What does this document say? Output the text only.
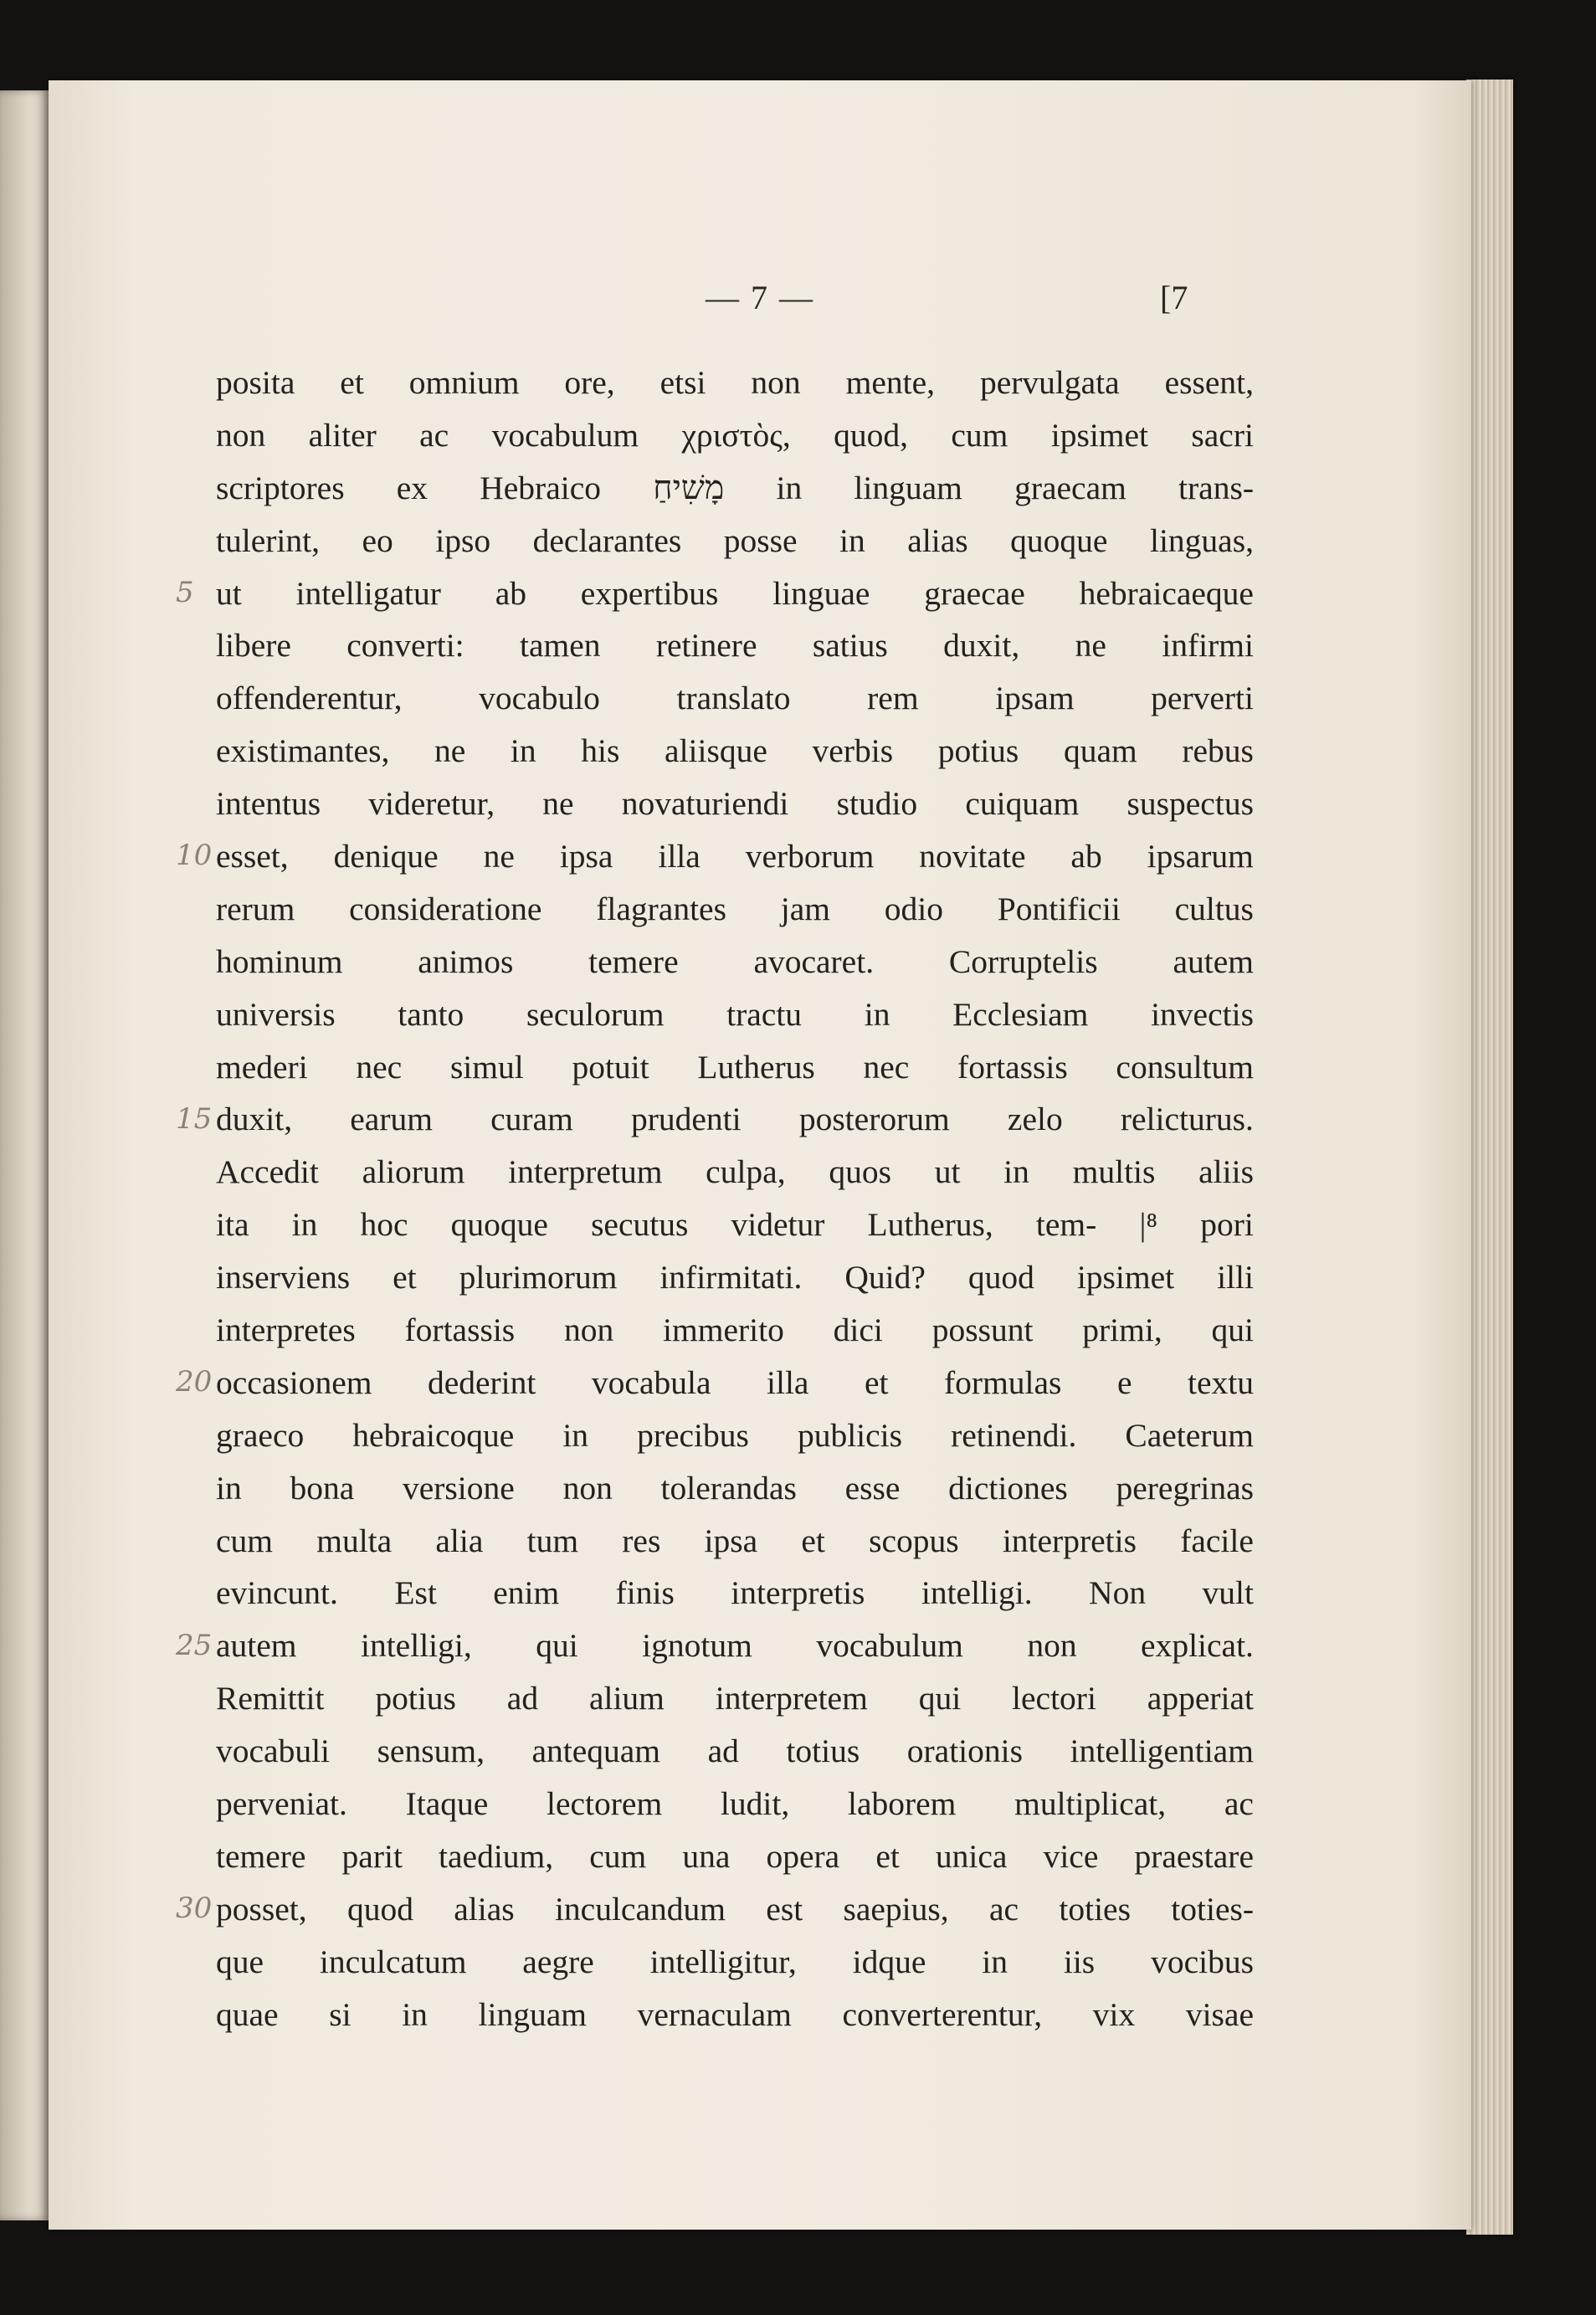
— 7 —	[7
posita et omnium ore, etsi non mente, pervulgata essent,
non aliter ac vocabulum χριστὸς, quod, cum ipsimet sacri
scriptores ex Hebraico מָשִׁיחַ in linguam graecam trans-
tulerint, eo ipso declarantes posse in alias quoque linguas,
ut intelligatur ab expertibus linguae graecae hebraicaeque
libere converti: tamen retinere satius duxit, ne infirmi
offenderentur, vocabulo translato rem ipsam perverti
existimantes, ne in his aliisque verbis potius quam rebus
intentus videretur, ne novaturiendi studio cuiquam suspectus
esset, denique ne ipsa illa verborum novitate ab ipsarum
rerum consideratione flagrantes jam odio Pontificii cultus
hominum animos temere avocaret. Corruptelis autem
universis tanto seculorum tractu in Ecclesiam invectis
mederi nec simul potuit Lutherus nec fortassis consultum
duxit, earum curam prudenti posterorum zelo relicturus.
Accedit aliorum interpretum culpa, quos ut in multis aliis
ita in hoc quoque secutus videtur Lutherus, tem- |⁸ pori
inserviens et plurimorum infirmitati. Quid? quod ipsimet illi
interpretes fortassis non immerito dici possunt primi, qui
occasionem dederint vocabula illa et formulas e textu
graeco hebraicoque in precibus publicis retinendi. Caeterum
in bona versione non tolerandas esse dictiones peregrinas
cum multa alia tum res ipsa et scopus interpretis facile
evincunt. Est enim finis interpretis intelligi. Non vult
autem intelligi, qui ignotum vocabulum non explicat.
Remittit potius ad alium interpretem qui lectori apperiat
vocabuli sensum, antequam ad totius orationis intelligentiam
perveniat. Itaque lectorem ludit, laborem multiplicat, ac
temere parit taedium, cum una opera et unica vice praestare
posset, quod alias inculcandum est saepius, ac toties toties-
que inculcatum aegre intelligitur, idque in iis vocibus
quae si in linguam vernaculam converterentur, vix visae
5
10
15
20
25
30
